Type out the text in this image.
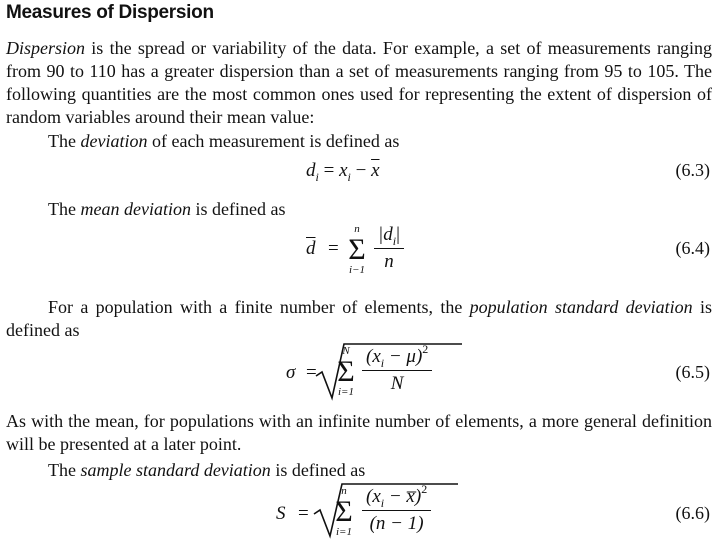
Measures of Dispersion

Dispersion is the spread or variability of the data. For example, a set of measurements ranging from 90 to 110 has a greater dispersion than a set of measurements ranging from 95 to 105. The following quantities are the most common ones used for representing the extent of dispersion of random variables around their mean value:

The deviation of each measurement is defined as

$d_i = x_i - \overline{x}$	(6.3)

The mean deviation is defined as

$\overline{d}$ =
n
Σ
$i-1 \frac{|d_i|}{n}$	(6.4)

For a population with a finite number of elements, the population standard deviation is defined as

σ =
N
Σ
$i=1 \frac{(x_i - \mu)^2}{N}$	(6.5)

As with the mean, for populations with an infinite number of elements, a more general definition will be presented at a later point.

The sample standard deviation is defined as

S =
n
Σ
$i=1 \frac{(x_i - x̅)^2}{(n - 1)}$	(6.6)
